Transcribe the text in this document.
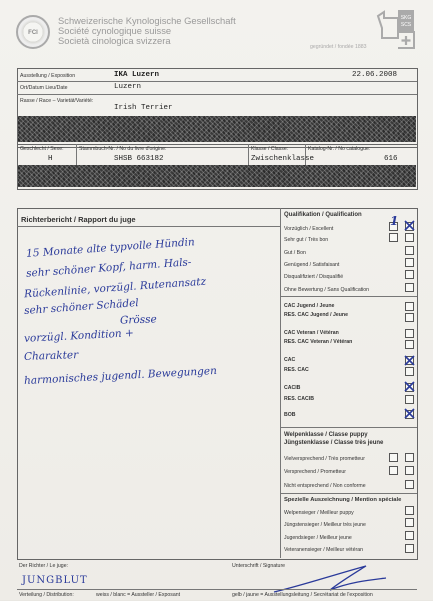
FCI
Schweizerische Kynologische Gesellschaft
Société cynologique suisse
Società cinologica svizzera
gegründet / fondée 1883
SKG
SCS
Ausstellung / Exposition	IKA Luzern	22.06.2008
Ort/Datum Lieu/Date	Luzern
Rasse / Race – Varietät/Variété:
Irish Terrier
Geschlecht / Sexe:
H
Stammbuch-Nr. / No du livre d'origine:
SHSB 663182
Klasse / Classe:
Zwischenklasse
Katalog-Nr. / No catalogue:
616
Richterbericht / Rapport du juge
15 Monate alte typvolle Hündin
sehr schöner Kopf, harm. Hals-
Rückenlinie, vorzügl. Rutenansatz
sehr schöner Schädel
Grösse
vorzügl. Kondition +
Charakter
harmonisches jugendl. Bewegungen
Qualifikation / Qualification
Vorzüglich / Excellent
Sehr gut / Très bon
Gut / Bon
Genügend / Satisfaisant
Disqualifiziert / Disqualifié
Ohne Bewertung / Sans Qualification
1
CAC Jugend / Jeune
RES. CAC Jugend / Jeune
CAC Veteran / Vétéran
RES. CAC Veteran / Vétéran
CAC
RES. CAC
CACIB
RES. CACIB
BOB
Welpenklasse / Classe puppy
Jüngstenklasse / Classe très jeune
Vielversprechend / Très prometteur
Versprechend / Prometteur
Nicht entsprechend / Non conforme
Spezielle Auszeichnung / Mention spéciale
Welpensieger / Meilleur puppy
Jüngstensieger / Meilleur très jeune
Jugendsieger / Meilleur jeune
Veteranensieger / Meilleur vétéran
Der Richter / Le juge:
JUNGBLUT
Unterschrift / Signature
Verteilung / Distribution:	weiss / blanc = Aussteller / Exposant	gelb / jaune = Ausstellungsleitung / Secrétariat de l'exposition
